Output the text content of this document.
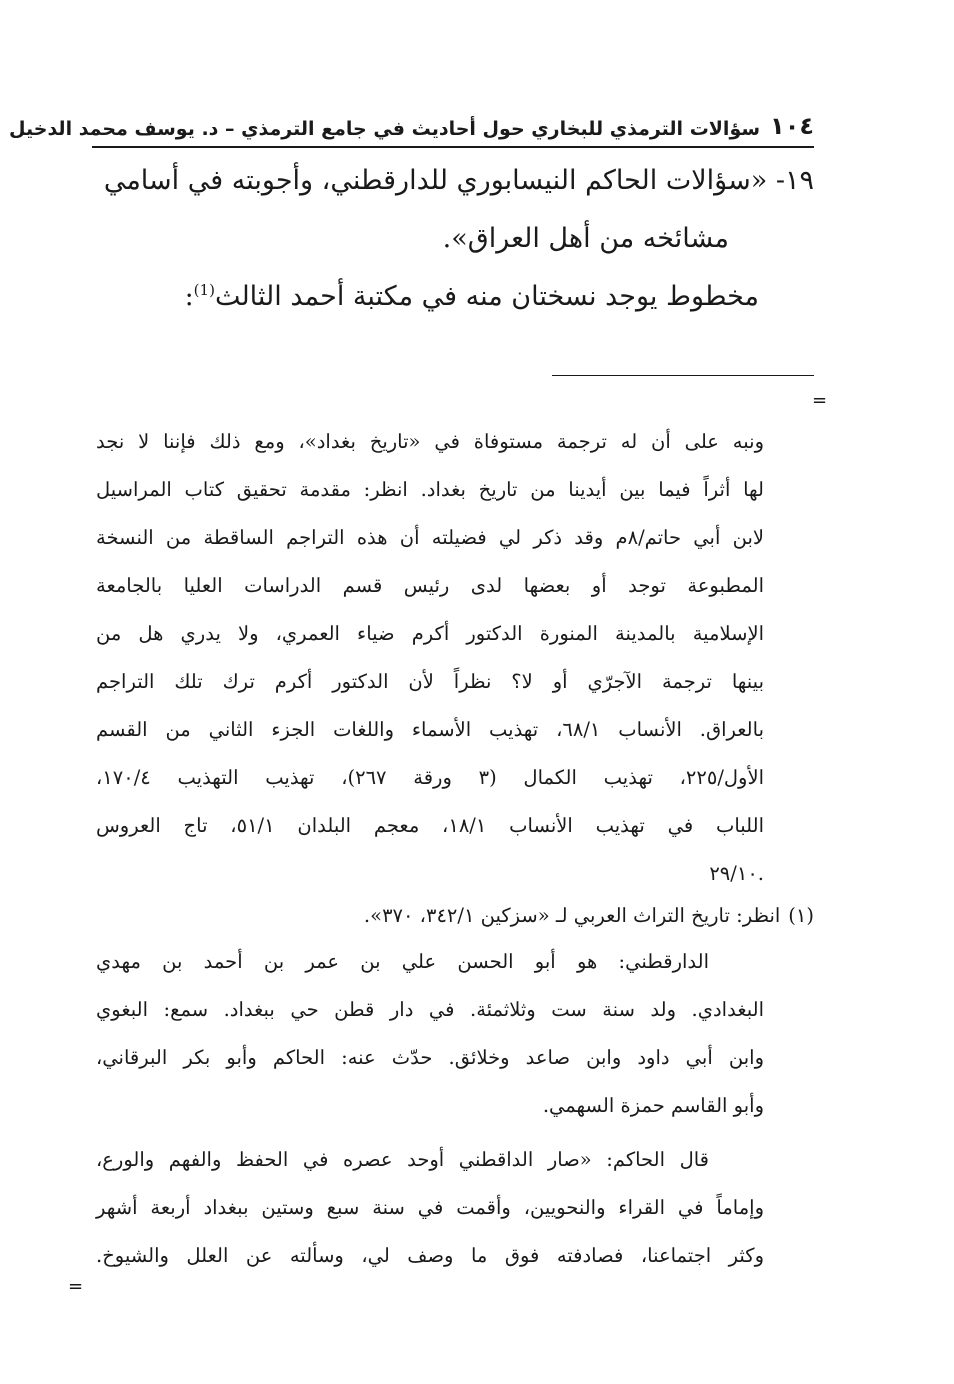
١٠٤
سؤالات الترمذي للبخاري حول أحاديث في جامع الترمذي – د. يوسف محمد الدخيل
١٩- «سؤالات الحاكم النيسابوري للدارقطني، وأجوبته في أسامي
مشائخه من أهل العراق».
مخطوط يوجد نسختان منه في مكتبة أحمد الثالث$^{(1)}$:
=
ونبه على أن له ترجمة مستوفاة في «تاريخ بغداد»، ومع ذلك فإننا لا نجد
لها أثراً فيما بين أيدينا من تاريخ بغداد. انظر: مقدمة تحقيق كتاب المراسيل
لابن أبي حاتم/٨م وقد ذكر لي فضيلته أن هذه التراجم الساقطة من النسخة
المطبوعة توجد أو بعضها لدى رئيس قسم الدراسات العليا بالجامعة
الإسلامية بالمدينة المنورة الدكتور أكرم ضياء العمري، ولا يدري هل من
بينها ترجمة الآجرّي أو لا؟ نظراً لأن الدكتور أكرم ترك تلك التراجم
بالعراق. الأنساب ٦٨/١، تهذيب الأسماء واللغات الجزء الثاني من القسم
الأول/٢٢٥، تهذيب الكمال (٣ ورقة ٢٦٧)، تهذيب التهذيب ١٧٠/٤،
اللباب في تهذيب الأنساب ١٨/١، معجم البلدان ٥١/١، تاج العروس
.٢٩/١٠
(١)انظر: تاريخ التراث العربي لـ «سزكين ٣٤٢/١، ٣٧٠».
الدارقطني: هو أبو الحسن علي بن عمر بن أحمد بن مهدي
البغدادي. ولد سنة ست وثلاثمئة. في دار قطن حي ببغداد. سمع: البغوي
وابن أبي داود وابن صاعد وخلائق. حدّث عنه: الحاكم وأبو بكر البرقاني،
وأبو القاسم حمزة السهمي.
قال الحاكم: «صار الداقطني أوحد عصره في الحفظ والفهم والورع،
وإماماً في القراء والنحويين، وأقمت في سنة سبع وستين ببغداد أربعة أشهر
وكثر اجتماعنا، فصادفته فوق ما وصف لي، وسألته عن العلل والشيوخ.
=
